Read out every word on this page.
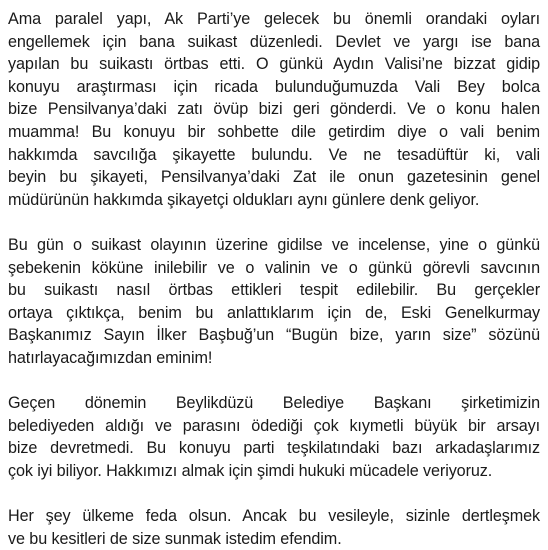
Ama paralel yapı, Ak Parti’ye gelecek bu önemli orandaki oyları
engellemek için bana suikast düzenledi. Devlet ve yargı ise bana
yapılan bu suikastı örtbas etti. O günkü Aydın Valisi’ne bizzat gidip
konuyu araştırması için ricada bulunduğumuzda Vali Bey bolca
bize Pensilvanya’daki zatı övüp bizi geri gönderdi. Ve o konu halen
muamma! Bu konuyu bir sohbette dile getirdim diye o vali benim
hakkımda savcılığa şikayette bulundu. Ve ne tesadüftür ki, vali
beyin bu şikayeti, Pensilvanya’daki Zat ile onun gazetesinin genel
müdürünün hakkımda şikayetçi oldukları aynı günlere denk geliyor.
Bu gün o suikast olayının üzerine gidilse ve incelense, yine o günkü
şebekenin köküne inilebilir ve o valinin ve o günkü görevli savcının
bu suikastı nasıl örtbas ettikleri tespit edilebilir. Bu gerçekler
ortaya çıktıkça, benim bu anlattıklarım için de, Eski Genelkurmay
Başkanımız Sayın İlker Başbuğ’un “Bugün bize, yarın size” sözünü
hatırlayacağımızdan eminim!
Geçen dönemin Beylikdüzü Belediye Başkanı şirketimizin
belediyeden aldığı ve parasını ödediği çok kıymetli büyük bir arsayı
bize devretmedi. Bu konuyu parti teşkilatındaki bazı arkadaşlarımız
çok iyi biliyor. Hakkımızı almak için şimdi hukuki mücadele veriyoruz.
Her şey ülkeme feda olsun. Ancak bu vesileyle, sizinle dertleşmek
ve bu kesitleri de size sunmak istedim efendim.
